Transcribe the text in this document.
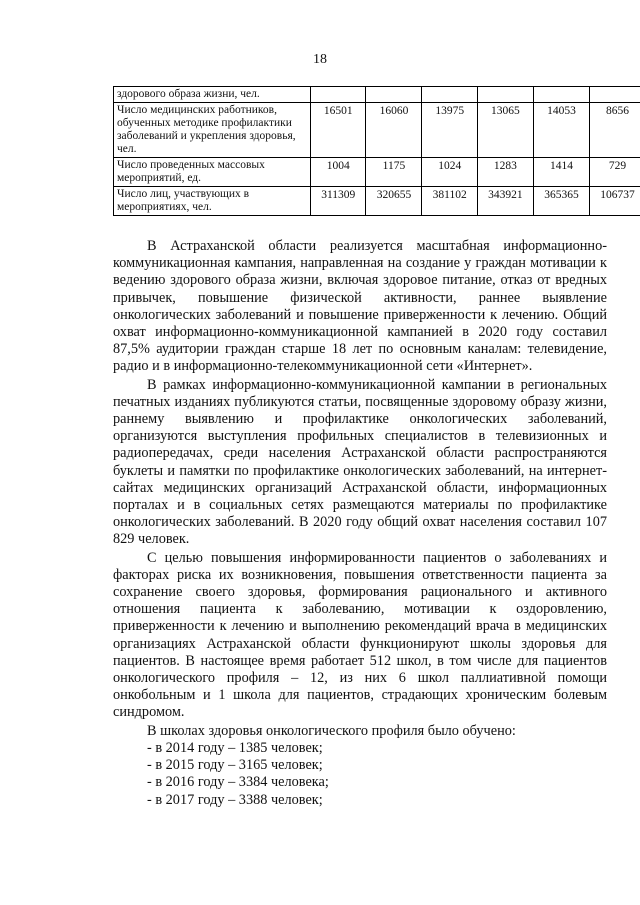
18
здорового образа жизни, чел.						
Число медицинских работников, обученных методике профилактики заболеваний и укрепления здоровья, чел.	16501	16060	13975	13065	14053	8656
Число проведенных массовых мероприятий, ед.	1004	1175	1024	1283	1414	729
Число лиц, участвующих в мероприятиях, чел.	311309	320655	381102	343921	365365	106737

В Астраханской области реализуется масштабная информационно-коммуникационная кампания, направленная на создание у граждан мотивации к ведению здорового образа жизни, включая здоровое питание, отказ от вредных привычек, повышение физической активности, раннее выявление онкологических заболеваний и повышение приверженности к лечению. Общий охват информационно-коммуникационной кампанией в 2020 году составил 87,5% аудитории граждан старше 18 лет по основным каналам: телевидение, радио и в информационно-телекоммуникационной сети «Интернет».

В рамках информационно-коммуникационной кампании в региональных печатных изданиях публикуются статьи, посвященные здоровому образу жизни, раннему выявлению и профилактике онкологических заболеваний, организуются выступления профильных специалистов в телевизионных и радиопередачах, среди населения Астраханской области распространяются буклеты и памятки по профилактике онкологических заболеваний, на интернет-сайтах медицинских организаций Астраханской области, информационных порталах и в социальных сетях размещаются материалы по профилактике онкологических заболеваний. В 2020 году общий охват населения составил 107 829 человек.

С целью повышения информированности пациентов о заболеваниях и факторах риска их возникновения, повышения ответственности пациента за сохранение своего здоровья, формирования рационального и активного отношения пациента к заболеванию, мотивации к оздоровлению, приверженности к лечению и выполнению рекомендаций врача в медицинских организациях Астраханской области функционируют школы здоровья для пациентов. В настоящее время работает 512 школ, в том числе для пациентов онкологического профиля – 12, из них 6 школ паллиативной помощи онкобольным и 1 школа для пациентов, страдающих хроническим болевым синдромом.

В школах здоровья онкологического профиля было обучено:

- в 2014 году – 1385 человек;
- в 2015 году – 3165 человек;
- в 2016 году – 3384 человека;
- в 2017 году – 3388 человек;
